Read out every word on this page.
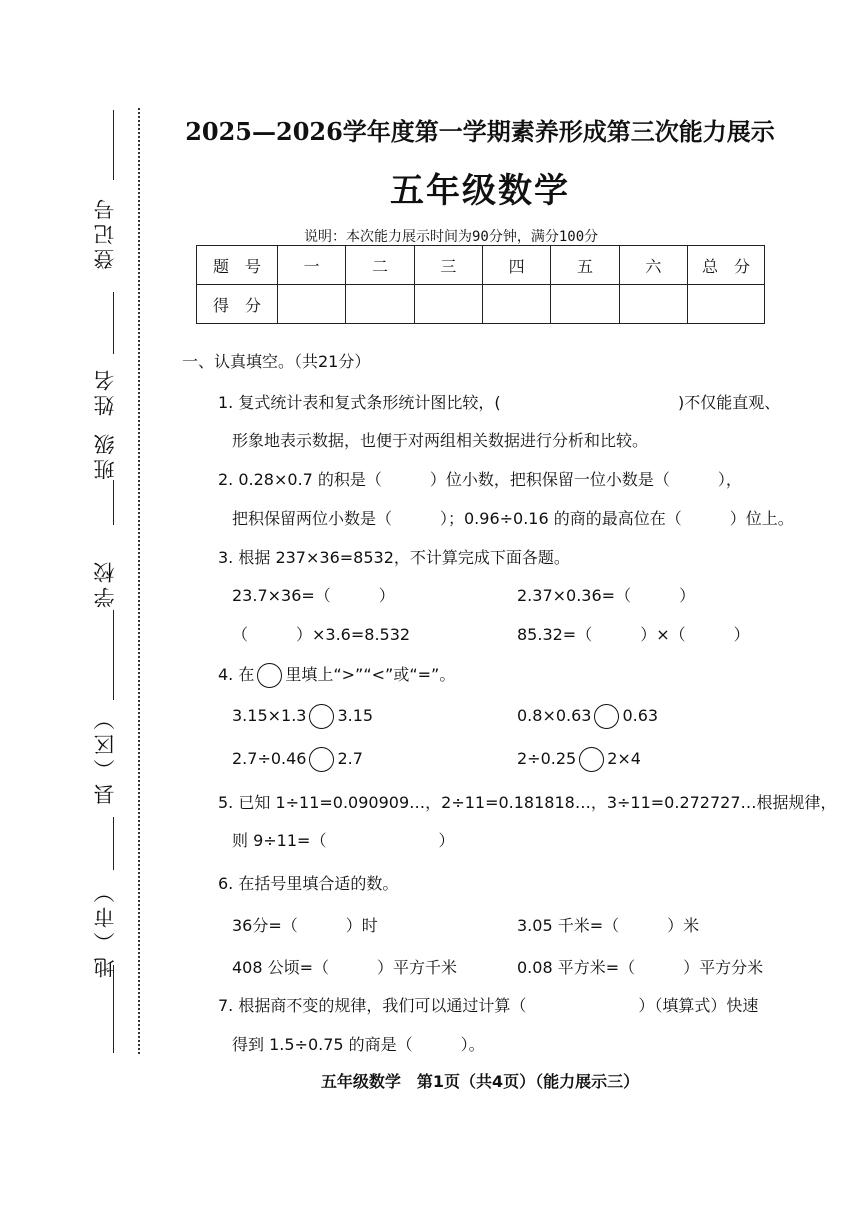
登记号
姓名
班级
学校
县（区）
地（市）
2025—2026学年度第一学期素养形成第三次能力展示
五年级数学
说明：本次能力展示时间为90分钟，满分100分
题　号	一	二	三	四	五	六	总　分
得　分							
一、认真填空。（共21分）
1. 复式统计表和复式条形统计图比较，(	)不仅能直观、
形象地表示数据，也便于对两组相关数据进行分析和比较。
2. 0.28×0.7 的积是（　　　）位小数，把积保留一位小数是（　　　），
把积保留两位小数是（　　　）；0.96÷0.16 的商的最高位在（　　　）位上。
3. 根据 237×36=8532，不计算完成下面各题。
23.7×36=（　　　）	2.37×0.36=（　　　）
（　　　）×3.6=8.532	85.32=（　　　）×（　　　）
4. 在 里填上“>”“<”或“=”。
3.15×1.3 3.15	0.8×0.63 0.63
2.7÷0.46 2.7	2÷0.25 2×4
5. 已知 1÷11=0.090909…，2÷11=0.181818…，3÷11=0.272727…根据规律，
则 9÷11=（　　　　　　　）
6. 在括号里填合适的数。
36分=（　　　）时	3.05 千米=（　　　）米
408 公顷=（　　　）平方千米	0.08 平方米=（　　　）平方分米
7. 根据商不变的规律，我们可以通过计算（　　　　　　　）（填算式）快速
得到 1.5÷0.75 的商是（　　　）。
五年级数学　第1页（共4页）（能力展示三）
